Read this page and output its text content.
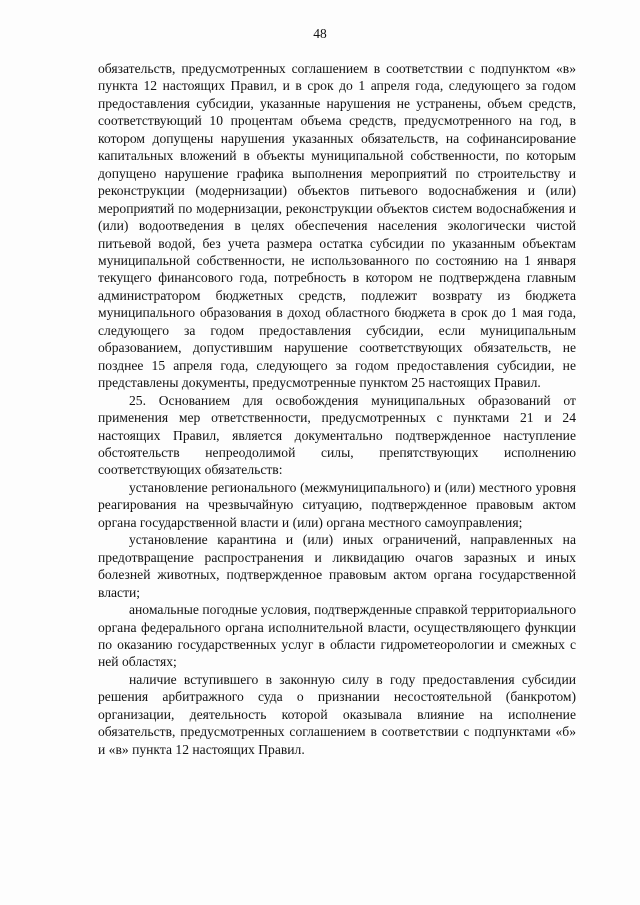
48

обязательств, предусмотренных соглашением в соответствии с подпунктом «в» пункта 12 настоящих Правил, и в срок до 1 апреля года, следующего за годом предоставления субсидии, указанные нарушения не устранены, объем средств, соответствующий 10 процентам объема средств, предусмотренного на год, в котором допущены нарушения указанных обязательств, на софинансирование капитальных вложений в объекты муниципальной собственности, по которым допущено нарушение графика выполнения мероприятий по строительству и реконструкции (модернизации) объектов питьевого водоснабжения и (или) мероприятий по модернизации, реконструкции объектов систем водоснабжения и (или) водоотведения в целях обеспечения населения экологически чистой питьевой водой, без учета размера остатка субсидии по указанным объектам муниципальной собственности, не использованного по состоянию на 1 января текущего финансового года, потребность в котором не подтверждена главным администратором бюджетных средств, подлежит возврату из бюджета муниципального образования в доход областного бюджета в срок до 1 мая года, следующего за годом предоставления субсидии, если муниципальным образованием, допустившим нарушение соответствующих обязательств, не позднее 15 апреля года, следующего за годом предоставления субсидии, не представлены документы, предусмотренные пунктом 25 настоящих Правил.

25. Основанием для освобождения муниципальных образований от применения мер ответственности, предусмотренных с пунктами 21 и 24 настоящих Правил, является документально подтвержденное наступление обстоятельств непреодолимой силы, препятствующих исполнению соответствующих обязательств:

установление регионального (межмуниципального) и (или) местного уровня реагирования на чрезвычайную ситуацию, подтвержденное правовым актом органа государственной власти и (или) органа местного самоуправления;

установление карантина и (или) иных ограничений, направленных на предотвращение распространения и ликвидацию очагов заразных и иных болезней животных, подтвержденное правовым актом органа государственной власти;

аномальные погодные условия, подтвержденные справкой территориального органа федерального органа исполнительной власти, осуществляющего функции по оказанию государственных услуг в области гидрометеорологии и смежных с ней областях;

наличие вступившего в законную силу в году предоставления субсидии решения арбитражного суда о признании несостоятельной (банкротом) организации, деятельность которой оказывала влияние на исполнение обязательств, предусмотренных соглашением в соответствии с подпунктами «б» и «в» пункта 12 настоящих Правил.
